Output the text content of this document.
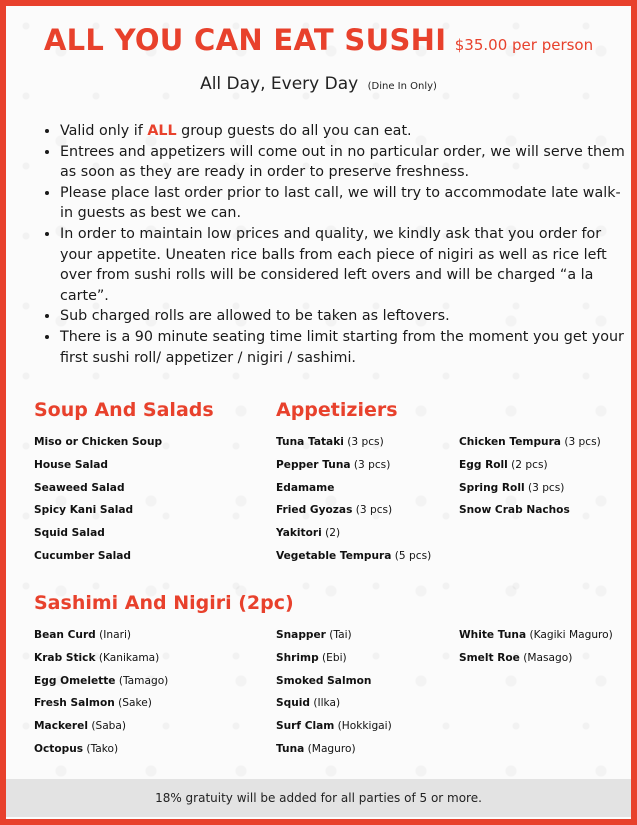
ALL YOU CAN EAT SUSHI $35.00 per person
All Day, Every Day (Dine In Only)
• Valid only if ALL group guests do all you can eat.
• Entrees and appetizers will come out in no particular order, we will serve them as soon as they are ready in order to preserve freshness.
• Please place last order prior to last call, we will try to accommodate late walk-in guests as best we can.
• In order to maintain low prices and quality, we kindly ask that you order for your appetite. Uneaten rice balls from each piece of nigiri as well as rice left over from sushi rolls will be considered left overs and will be charged “a la carte”.
• Sub charged rolls are allowed to be taken as leftovers.
• There is a 90 minute seating time limit starting from the moment you get your first sushi roll/ appetizer / nigiri / sashimi.
Soup And Salads
Miso or Chicken Soup
House Salad
Seaweed Salad
Spicy Kani Salad
Squid Salad
Cucumber Salad
Appetiziers
Tuna Tataki (3 pcs)
Pepper Tuna (3 pcs)
Edamame
Fried Gyozas (3 pcs)
Yakitori (2)
Vegetable Tempura (5 pcs)
Chicken Tempura (3 pcs)
Egg Roll (2 pcs)
Spring Roll (3 pcs)
Snow Crab Nachos
Sashimi And Nigiri (2pc)
Bean Curd (Inari)
Krab Stick (Kanikama)
Egg Omelette (Tamago)
Fresh Salmon (Sake)
Mackerel (Saba)
Octopus (Tako)
Snapper (Tai)
Shrimp (Ebi)
Smoked Salmon
Squid (Ilka)
Surf Clam (Hokkigai)
Tuna (Maguro)
White Tuna (Kagiki Maguro)
Smelt Roe (Masago)
18% gratuity will be added for all parties of 5 or more.
